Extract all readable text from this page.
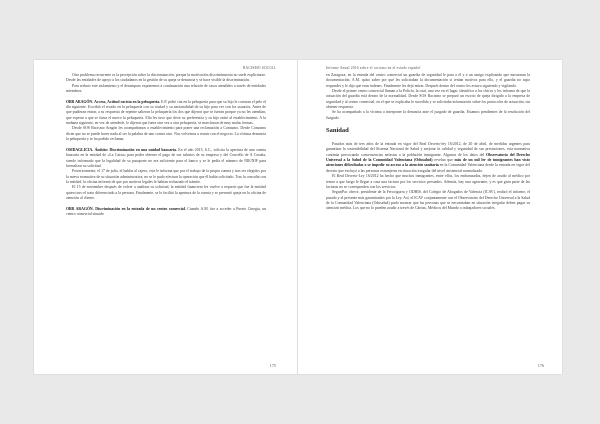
RACISMO SOCIAL

Otro problema recurrente es la percepción sobre la discriminación, porque la motivación discriminatoria no suele explicitarse. Desde las entidades de apoyo a los ciudadanos en la gestión de su queja se denuncia y se hace visible la discriminación.

Para reducir este aislamiento y el desamparo exponemos a continuación una relación de casos atendidos a través de entidades miembros.

OBR ARAGÓN. Acceso, Actitud racista en la peluquería. E.P. pidió cita en la peluquería para que su hijo le cortaran el pelo el día siguiente. Escribió el recado en la peluquería con su ciudad y su nacionalidad de su hijo para ver con los usuarios. Antes de que pudieran entrar, a su respuesta de repente salieron la peluquería los dos que dijeron que se fueran porque ya no les atendían, que esperar a que se fuera el nuevo la peluquería. Ella les tuvo que decir su preferencia y su hijo entró al establecimiento. A la mañana siguiente, en vez de atenderle, le dijeron que fuera otra vez a otra peluquería, se marcharon de muy malas formas.

Desde SOS Racismo Aragón les acompañamos a establecimiento para poner una reclamación a Consumo. Desde Consumo dicen que no se puede hacer nada al ser la palabra de uno contra otro. Nos volvemos a reunir con el negocio. La víctima denuncia la peluquería y se ha podido reclamar.

OSIDAGLICIA. Ámbito: Discriminación en una unidad bancaria. En el año 2015, S.C., solicita la apertura de una cuenta bancaria en la entidad de «La Caixa» para poder obtener el pago de sus salarios de su empresa y del Concello de A Coruña, siendo informado que la legalidad de su pasaporte no era suficiente para el banco y se le pedía el número de NIE/NIF para formalizar su solicitud.

Posteriormente, el 17 de julio, el hablar al cajero, este le informa que por el trabajo de la propia cuenta y tras ser elegidos por la nueva normativa de su situación administrativa, no se le pudo efectuar la operación que él había solicitado. Tras la consulta con la entidad, la oficina informó de que por motivos legales le habían rechazado el trámite.

El 15 de noviembre después de volver a analizar su solicitud, la entidad financiera les vuelve a requerir que fue la entidad quien tuvo el trato diferenciado a la persona. Finalmente, se le facilitó la apertura de la cuenta y se presentó queja en la oficina de atención al cliente.

OBR ARAGÓN. Discriminación en la entrada de un centro comercial. Cuando A.M. fue a acceder a Puerto Cinegia, un centro comercial situado

175
Informe Anual 2016 sobre el racismo en el estado español

en Zaragoza, en la entrada del centro comercial un guardia de seguridad le para a él y a un amigo explicando que mostraran la documentación. A.M. quiso saber por qué les solicitaban la documentación si tenían motivos para ello, y el guardia no supo responder y le dijo que eran órdenes. Finalmente les dejó entrar. Después dentro del centro les estuvo siguiendo y vigilando.

Desde el primer centro comercial llaman a la Policía, la cual, una vez en el lugar, identifica a los chicos y les informa de que la actuación del guardia está dentro de la normalidad. Desde SOS Racismo se preparó un escrito de queja dirigido a la empresa de seguridad y al centro comercial, en el que se explicaba lo sucedido y se solicitaba información sobre los protocolos de actuación, sin obtener respuesta.

Se ha acompañado a la víctima a interponer la denuncia ante el juzgado de guardia. Estamos pendientes de la resolución del Juzgado.

Sanidad

Pasados más de tres años de la entrada en vigor del Real Decreto-ley 16/2012, de 20 de abril, de medidas urgentes para garantizar la sostenibilidad del Sistema Nacional de Salud y mejorar la calidad y seguridad de sus prestaciones, esta normativa continúa provocando consecuencias nefastas a la población inmigrante. Algunos de los datos del Observatorio del Derecho Universal a la Salud de la Comunidad Valenciana (Odusalud) revelan que más de un mil ler de inmigrantes han visto atenciones dificultadas o se impedir su acceso a la atención sanitaria en la Comunidad Valenciana desde la entrada en vigor del decreto que excluyó a las personas extranjeras en situación irregular del nivel asistencial normalizado.

El Real Decreto-Ley 16/2012 ha hecho que muchos inmigrantes, entre ellos, los embarazadas, dejen de acudir al médico por temor a que luego le llegue a casa una factura por los servicios prestados. Además, hay una agravante, y es que gran parte de las facturas no se corresponden con los servicios.

SeguriPac ofrece, presidente de la Ferocigurra y ODHIS, del Colegio de Abogados de Valencia (ICAV), realizó el informe, el pasado y el presente más garantizados por la Ley. Así, el ICAV conjuntamente con el Observatorio del Derecho Universal a la Salud de la Comunidad Valenciana (Odusalud) pudo mostrar que las personas que se encontraban en situación irregular deben pagar su atención médica. Los que no lo pueden acudir a través de Cáritas, Médicos del Mundo o trabajadores sociales.

176
